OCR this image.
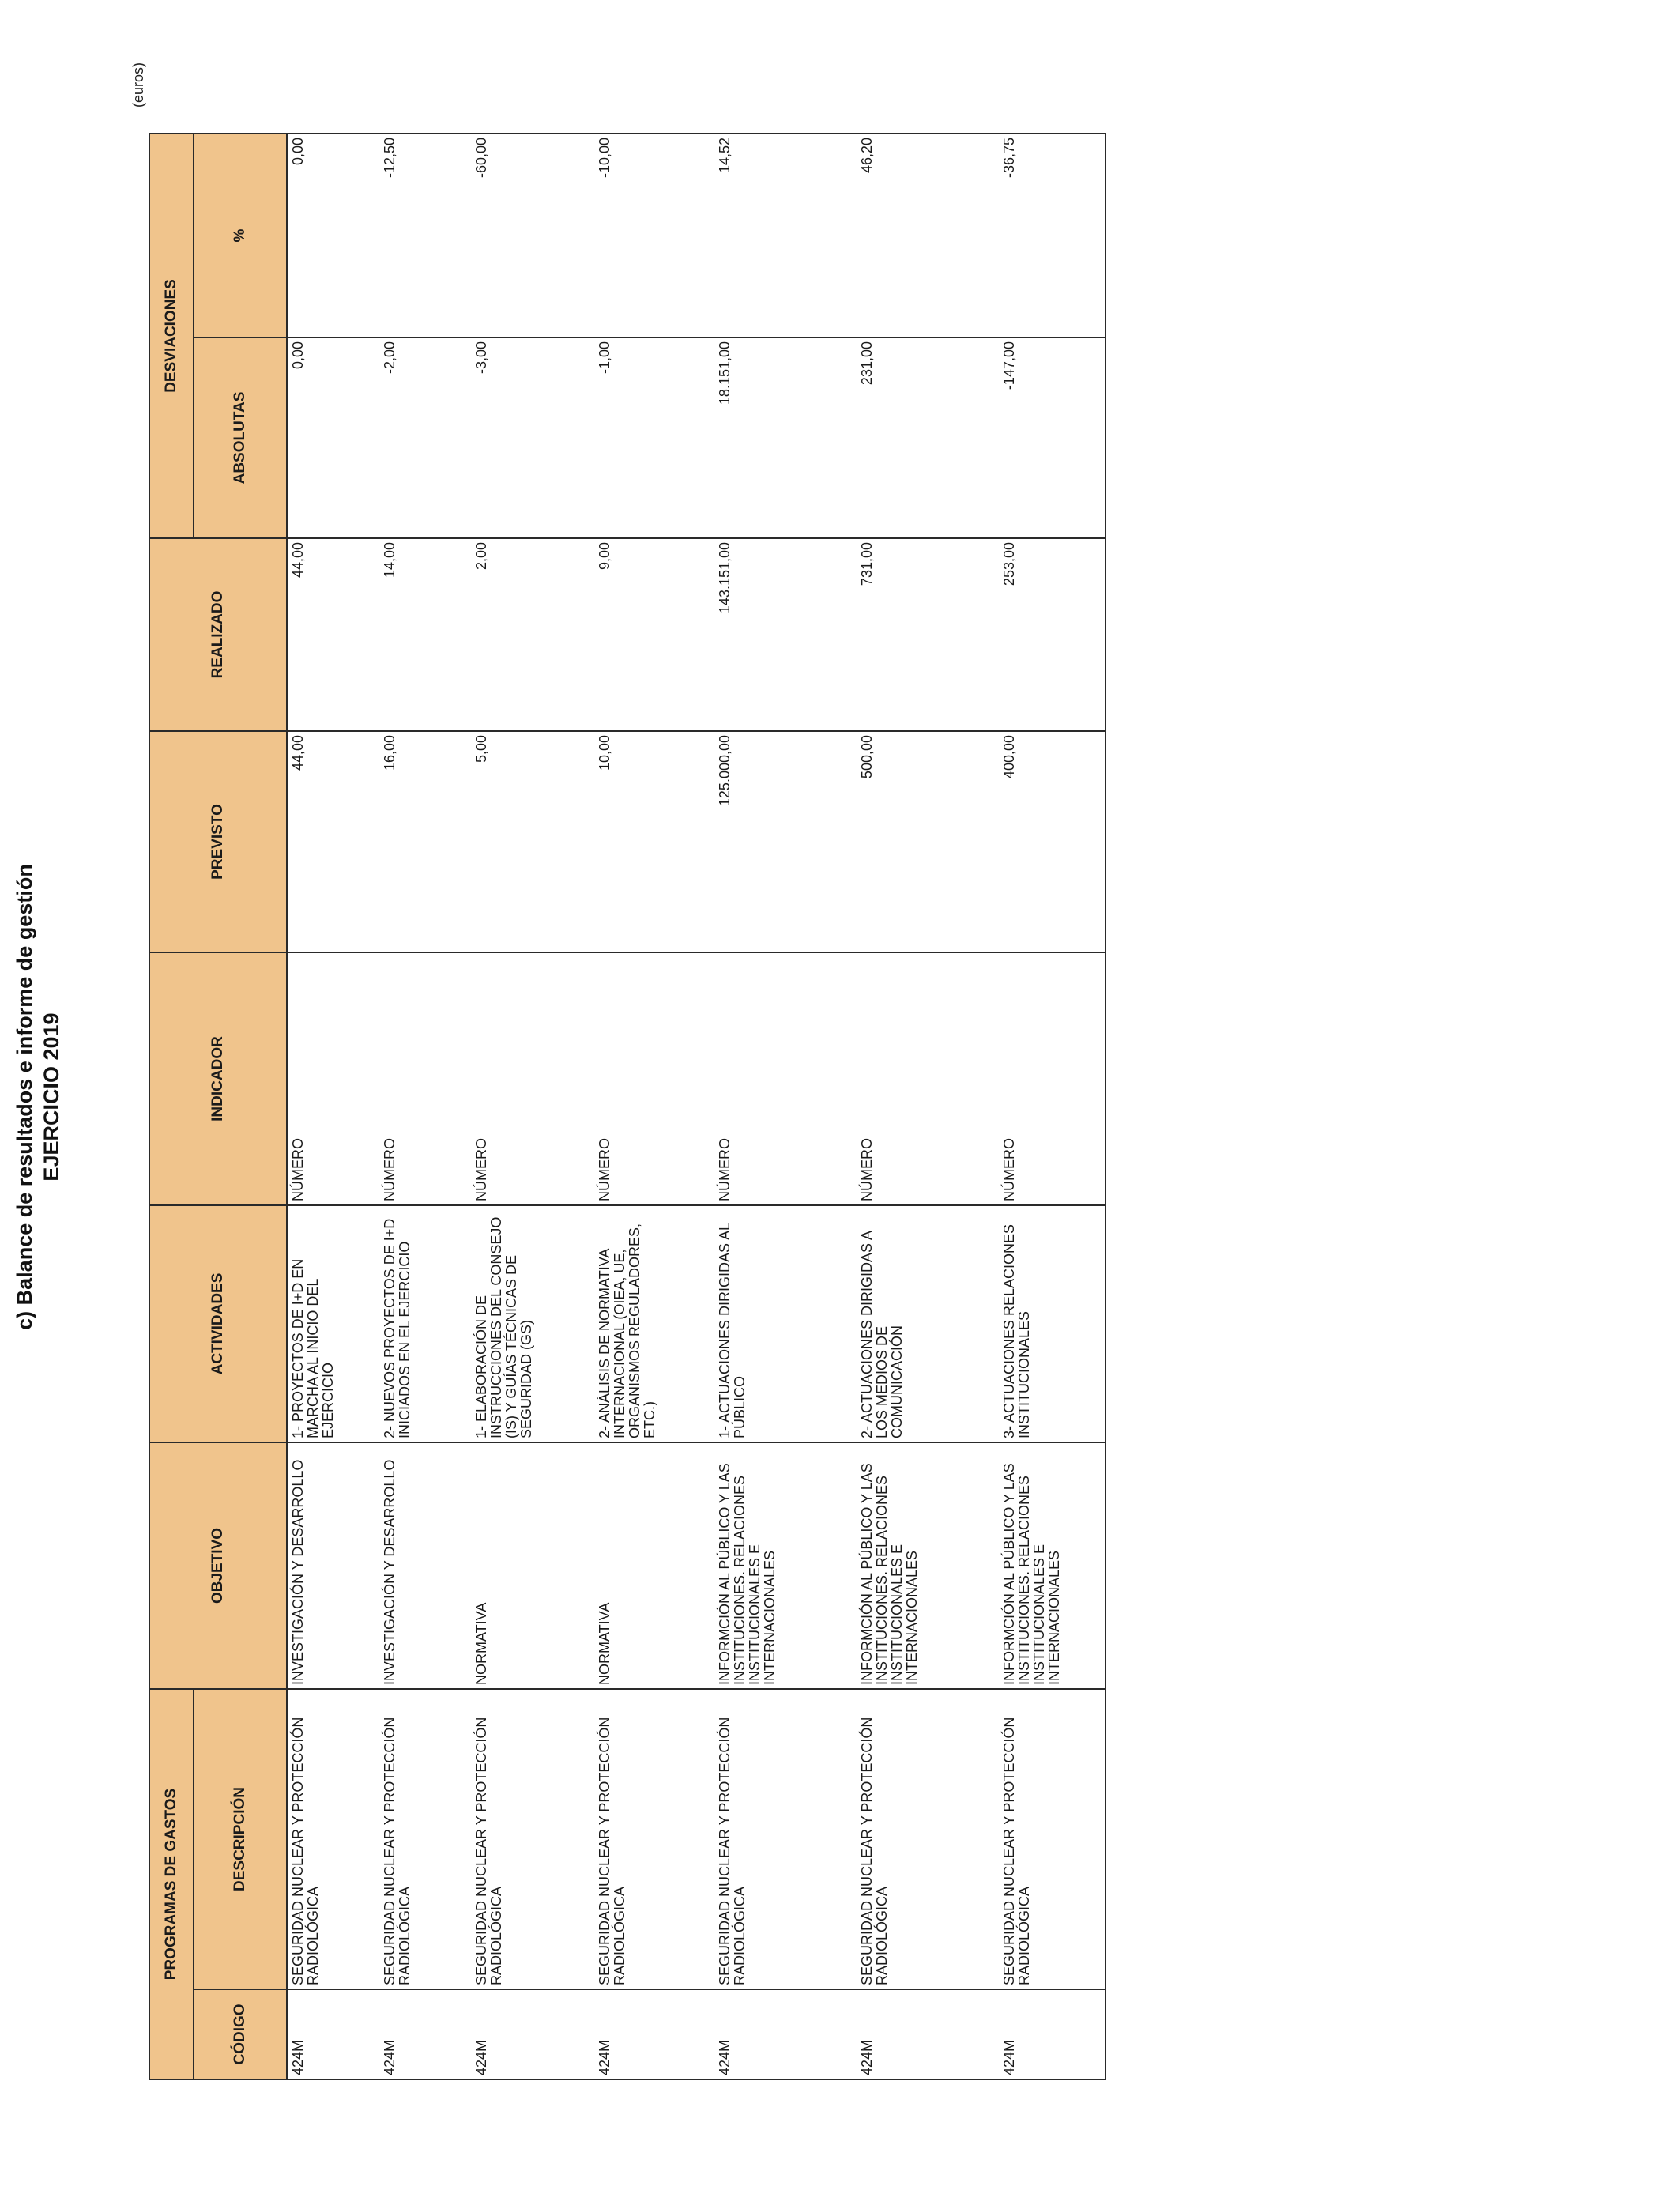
c) Balance de resultados e informe de gestión EJERCICIO 2019
(euros)
PROGRAMAS DE GASTOS		OBJETIVO	ACTIVIDADES	INDICADOR	PREVISTO	REALIZADO	DESVIACIONES	
CÓDIGO	DESCRIPCIÓN						ABSOLUTAS	%
424M	SEGURIDAD NUCLEAR Y PROTECCIÓN RADIOLÓGICA	INVESTIGACIÓN Y DESARROLLO	1- PROYECTOS DE I+D EN MARCHA AL INICIO DEL EJERCICIO	NÚMERO	44,00	44,00	0,00	0,00
424M	SEGURIDAD NUCLEAR Y PROTECCIÓN RADIOLÓGICA	INVESTIGACIÓN Y DESARROLLO	2- NUEVOS PROYECTOS DE I+D INICIADOS EN EL EJERCICIO	NÚMERO	16,00	14,00	-2,00	-12,50
424M	SEGURIDAD NUCLEAR Y PROTECCIÓN RADIOLÓGICA	NORMATIVA	1- ELABORACIÓN DE INSTRUCCIONES DEL CONSEJO (IS) Y GUÍAS TÉCNICAS DE SEGURIDAD (GS)	NÚMERO	5,00	2,00	-3,00	-60,00
424M	SEGURIDAD NUCLEAR Y PROTECCIÓN RADIOLÓGICA	NORMATIVA	2- ANÁLISIS DE NORMATIVA INTERNACIONAL (OIEA, UE, ORGANISMOS REGULADORES, ETC.)	NÚMERO	10,00	9,00	-1,00	-10,00
424M	SEGURIDAD NUCLEAR Y PROTECCIÓN RADIOLÓGICA	INFORMCIÓN AL PÚBLICO Y LAS INSTITUCIONES. RELACIONES INSTITUCIONALES E INTERNACIONALES	1- ACTUACIONES DIRIGIDAS AL PÚBLICO	NÚMERO	125.000,00	143.151,00	18.151,00	14,52
424M	SEGURIDAD NUCLEAR Y PROTECCIÓN RADIOLÓGICA	INFORMCIÓN AL PÚBLICO Y LAS INSTITUCIONES. RELACIONES INSTITUCIONALES E INTERNACIONALES	2- ACTUACIONES DIRIGIDAS A LOS MEDIOS DE COMUNICACIÓN	NÚMERO	500,00	731,00	231,00	46,20
424M	SEGURIDAD NUCLEAR Y PROTECCIÓN RADIOLÓGICA	INFORMCIÓN AL PÚBLICO Y LAS INSTITUCIONES. RELACIONES INSTITUCIONALES E INTERNACIONALES	3- ACTUACIONES RELACIONES INSTITUCIONALES	NÚMERO	400,00	253,00	-147,00	-36,75
